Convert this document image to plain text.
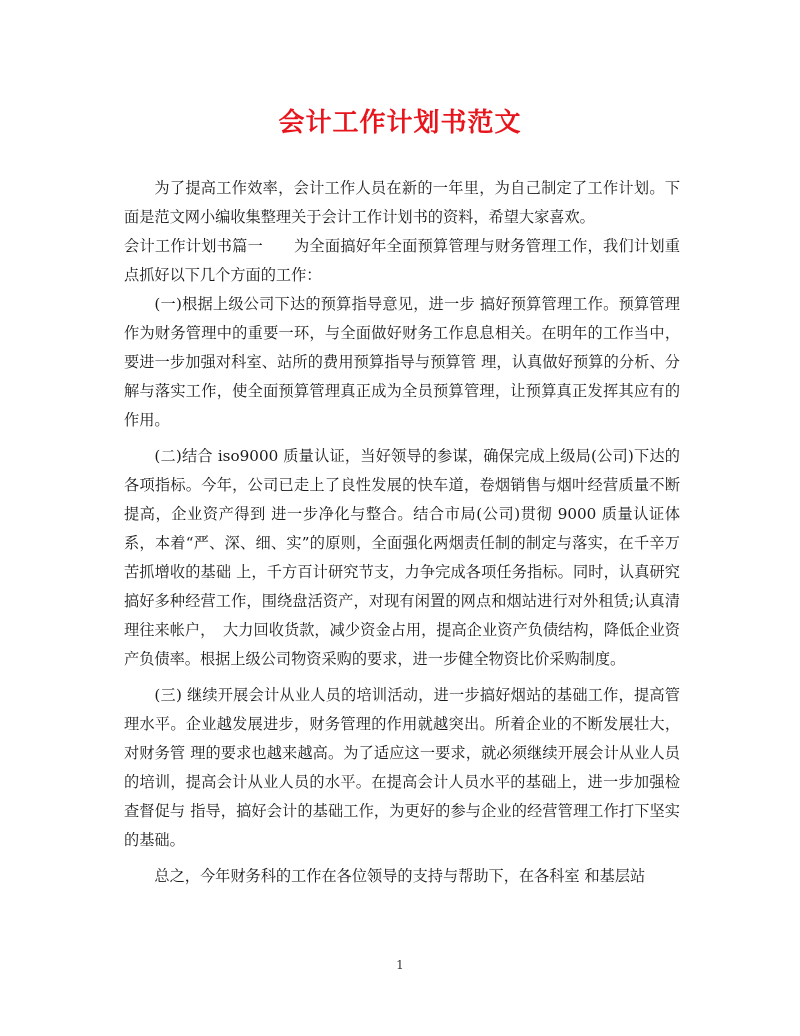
会计工作计划书范文

为了提高工作效率，会计工作人员在新的一年里，为自己制定了工作计划。下面是范文网小编收集整理关于会计工作计划书的资料，希望大家喜欢。

会计工作计划书篇一　　为全面搞好年全面预算管理与财务管理工作，我们计划重点抓好以下几个方面的工作：

(一)根据上级公司下达的预算指导意见，进一步 搞好预算管理工作。预算管理作为财务管理中的重要一环，与全面做好财务工作息息相关。在明年的工作当中，要进一步加强对科室、站所的费用预算指导与预算管 理，认真做好预算的分析、分解与落实工作，使全面预算管理真正成为全员预算管理，让预算真正发挥其应有的作用。

(二)结合 iso9000 质量认证，当好领导的参谋，确保完成上级局(公司)下达的各项指标。今年，公司已走上了良性发展的快车道，卷烟销售与烟叶经营质量不断提高，企业资产得到 进一步净化与整合。结合市局(公司)贯彻 9000 质量认证体系，本着“严、深、细、实”的原则，全面强化两烟责任制的制定与落实，在千辛万苦抓增收的基础 上，千方百计研究节支，力争完成各项任务指标。同时，认真研究搞好多种经营工作，围绕盘活资产，对现有闲置的网点和烟站进行对外租赁;认真清理往来帐户，　大力回收货款，减少资金占用，提高企业资产负债结构，降低企业资产负债率。根据上级公司物资采购的要求，进一步健全物资比价采购制度。

(三) 继续开展会计从业人员的培训活动，进一步搞好烟站的基础工作，提高管理水平。企业越发展进步，财务管理的作用就越突出。所着企业的不断发展壮大，对财务管 理的要求也越来越高。为了适应这一要求，就必须继续开展会计从业人员的培训，提高会计从业人员的水平。在提高会计人员水平的基础上，进一步加强检查督促与 指导，搞好会计的基础工作，为更好的参与企业的经营管理工作打下坚实的基础。

总之，今年财务科的工作在各位领导的支持与帮助下，在各科室 和基层站

1
